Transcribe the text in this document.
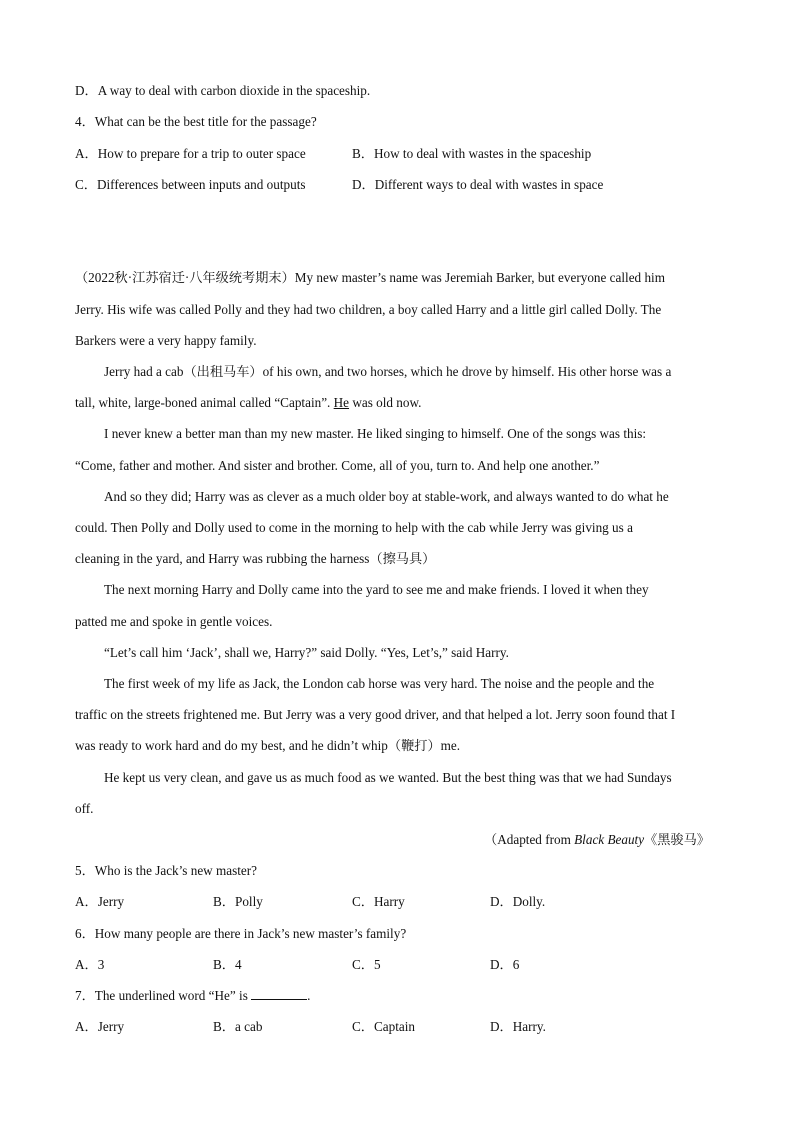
D．A way to deal with carbon dioxide in the spaceship.
4．What can be the best title for the passage?
A．How to prepare for a trip to outer space	B．How to deal with wastes in the spaceship
C．Differences between inputs and outputs	D．Different ways to deal with wastes in space
（2022秋·江苏宿迁·八年级统考期末）My new master’s name was Jeremiah Barker, but everyone called him
Jerry. His wife was called Polly and they had two children, a boy called Harry and a little girl called Dolly. The
Barkers were a very happy family.
Jerry had a cab（出租马车）of his own, and two horses, which he drove by himself. His other horse was a
tall, white, large-boned animal called “Captain”. He was old now.
I never knew a better man than my new master. He liked singing to himself. One of the songs was this:
“Come, father and mother. And sister and brother. Come, all of you, turn to. And help one another.”
And so they did; Harry was as clever as a much older boy at stable-work, and always wanted to do what he
could. Then Polly and Dolly used to come in the morning to help with the cab while Jerry was giving us a
cleaning in the yard, and Harry was rubbing the harness（擦马具）
The next morning Harry and Dolly came into the yard to see me and make friends. I loved it when they
patted me and spoke in gentle voices.
“Let’s call him ‘Jack’, shall we, Harry?” said Dolly. “Yes, Let’s,” said Harry.
The first week of my life as Jack, the London cab horse was very hard. The noise and the people and the
traffic on the streets frightened me. But Jerry was a very good driver, and that helped a lot. Jerry soon found that I
was ready to work hard and do my best, and he didn’t whip（鞭打）me.
He kept us very clean, and gave us as much food as we wanted. But the best thing was that we had Sundays
off.
（Adapted from Black Beauty《黑骏马》
5．Who is the Jack’s new master?
A．Jerry	B．Polly	C．Harry	D．Dolly.
6．How many people are there in Jack’s new master’s family?
A．3	B．4	C．5	D．6
7．The underlined word “He” is	.
A．Jerry	B．a cab	C．Captain	D．Harry.
